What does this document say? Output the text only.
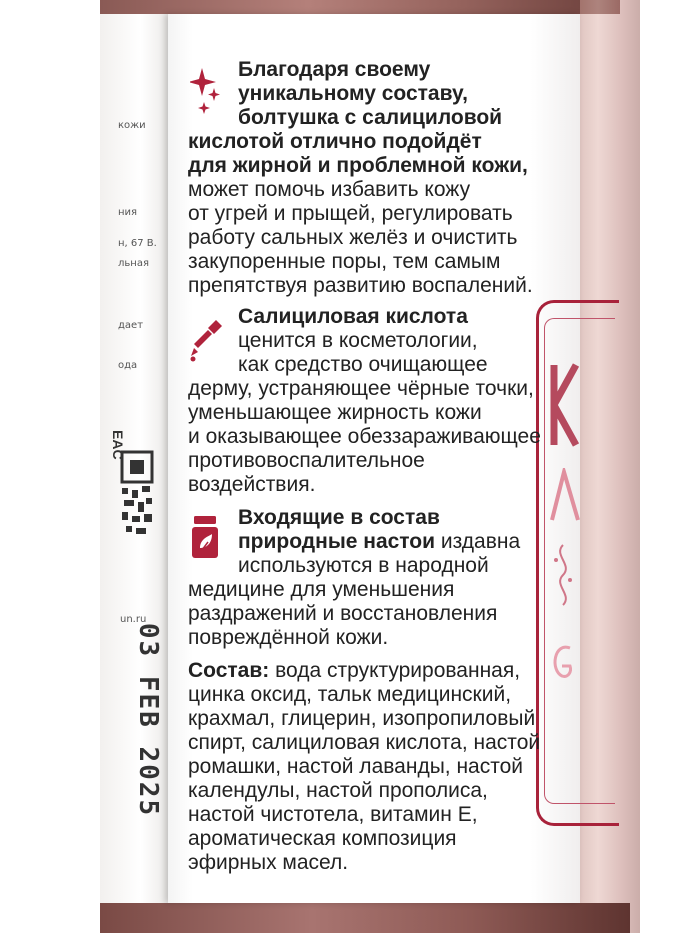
кожи
ния
н, 67 В.
льная
дает
ода
EAC
un.ru
03 FEB 2025
Благодаря своему
уникальному составу,
болтушка с салициловой
кислотой отлично подойдёт
для жирной и проблемной кожи,
может помочь избавить кожу
от угрей и прыщей, регулировать
работу сальных желёз и очистить
закупоренные поры, тем самым
препятствуя развитию воспалений.
Салициловая кислота
ценится в косметологии,
как средство очищающее
дерму, устраняющее чёрные точки,
уменьшающее жирность кожи
и оказывающее обеззараживающее
противовоспалительное
воздействия.
Входящие в состав
природные настои издавна
используются в народной
медицине для уменьшения
раздражений и восстановления
повреждённой кожи.
Состав: вода структурированная,
цинка оксид, тальк медицинский,
крахмал, глицерин, изопропиловый
спирт, салициловая кислота, настой
ромашки, настой лаванды, настой
календулы, настой прополиса,
настой чистотела, витамин Е,
ароматическая композиция
эфирных масел.
